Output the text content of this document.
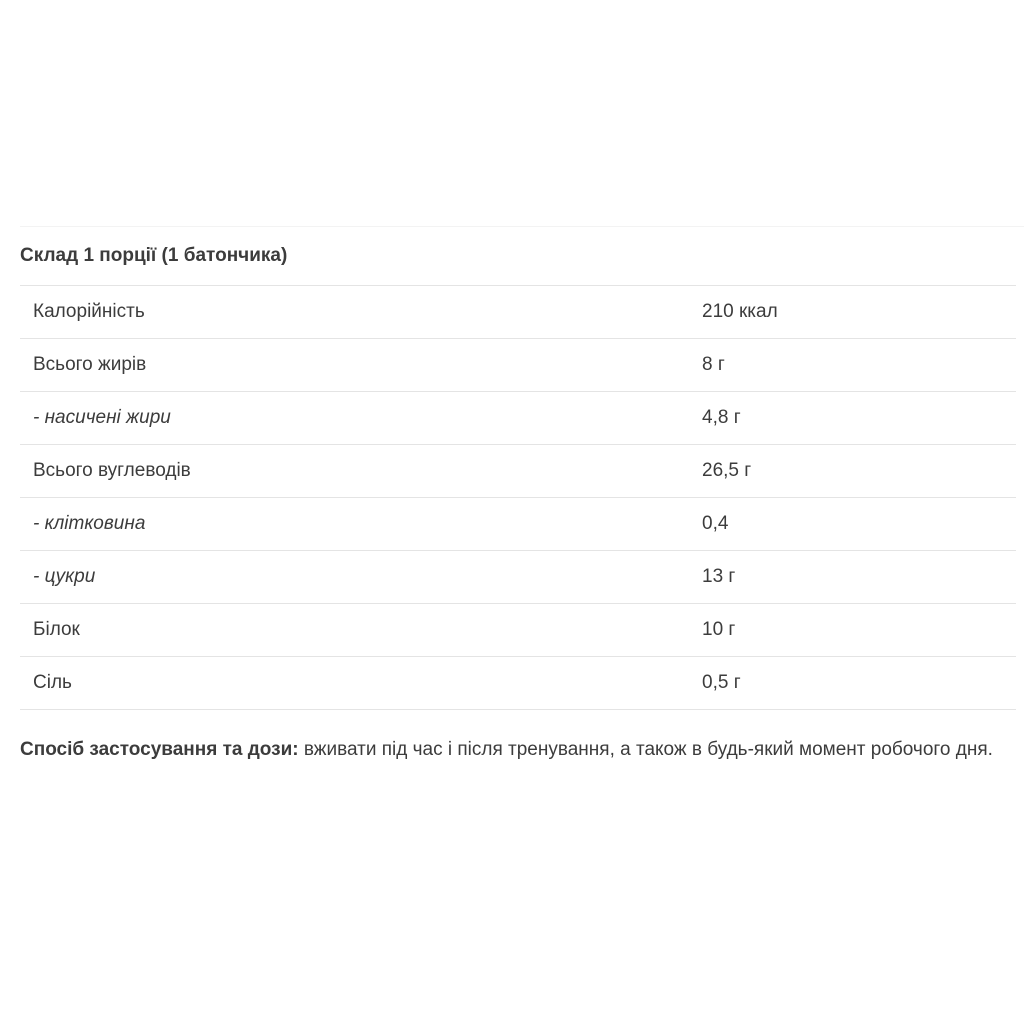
Склад 1 порції (1 батончика)
Калорійність	210 ккал
Всього жирів	8 г
- насичені жири	4,8 г
Всього вуглеводів	26,5 г
- клітковина	0,4
- цукри	13 г
Білок	10 г
Сіль	0,5 г
Спосіб застосування та дози: вживати під час і після тренування, а також в будь-який момент робочого дня.
